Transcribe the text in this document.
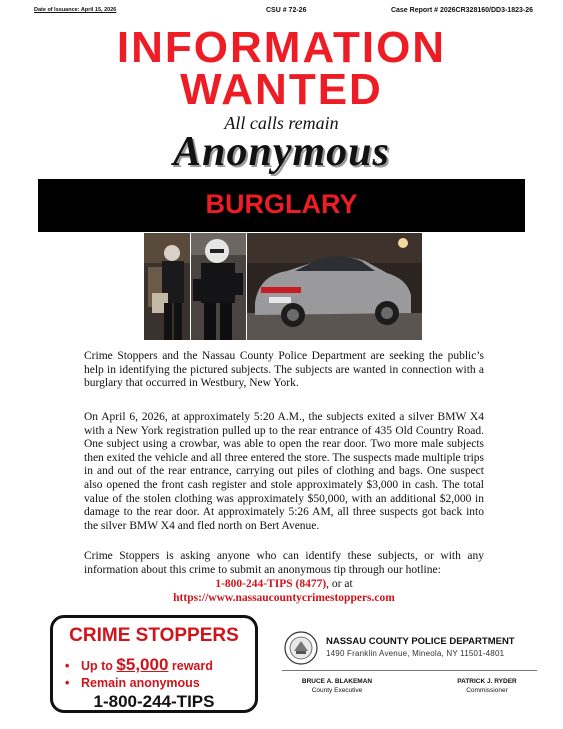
Date of Issuance: April 15, 2026	CSU # 72-26	Case Report # 2026CR328160/DD3-1823-26
INFORMATION
WANTED
All calls remain
Anonymous
BURGLARY
Crime Stoppers and the Nassau County Police Department are seeking the public’s help in identifying the pictured subjects. The subjects are wanted in connection with a burglary that occurred in Westbury, New York.
On April 6, 2026, at approximately 5:20 A.M., the subjects exited a silver BMW X4 with a New York registration pulled up to the rear entrance of 435 Old Country Road. One subject using a crowbar, was able to open the rear door. Two more male subjects then exited the vehicle and all three entered the store. The suspects made multiple trips in and out of the rear entrance, carrying out piles of clothing and bags. One suspect also opened the front cash register and stole approximately $3,000 in cash. The total value of the stolen clothing was approximately $50,000, with an additional $2,000 in damage to the rear door. At approximately 5:26 AM, all three suspects got back into the silver BMW X4 and fled north on Bert Avenue.
Crime Stoppers is asking anyone who can identify these subjects, or with any information about this crime to submit an anonymous tip through our hotline:
1-800-244-TIPS (8477), or at
https://www.nassaucountycrimestoppers.com
CRIME STOPPERS
• Up to $5,000 reward
• Remain anonymous
1-800-244-TIPS
NASSAU COUNTY POLICE DEPARTMENT
1490 Franklin Avenue, Mineola, NY 11501-4801
BRUCE A. BLAKEMAN
County Executive
PATRICK J. RYDER
Commissioner
